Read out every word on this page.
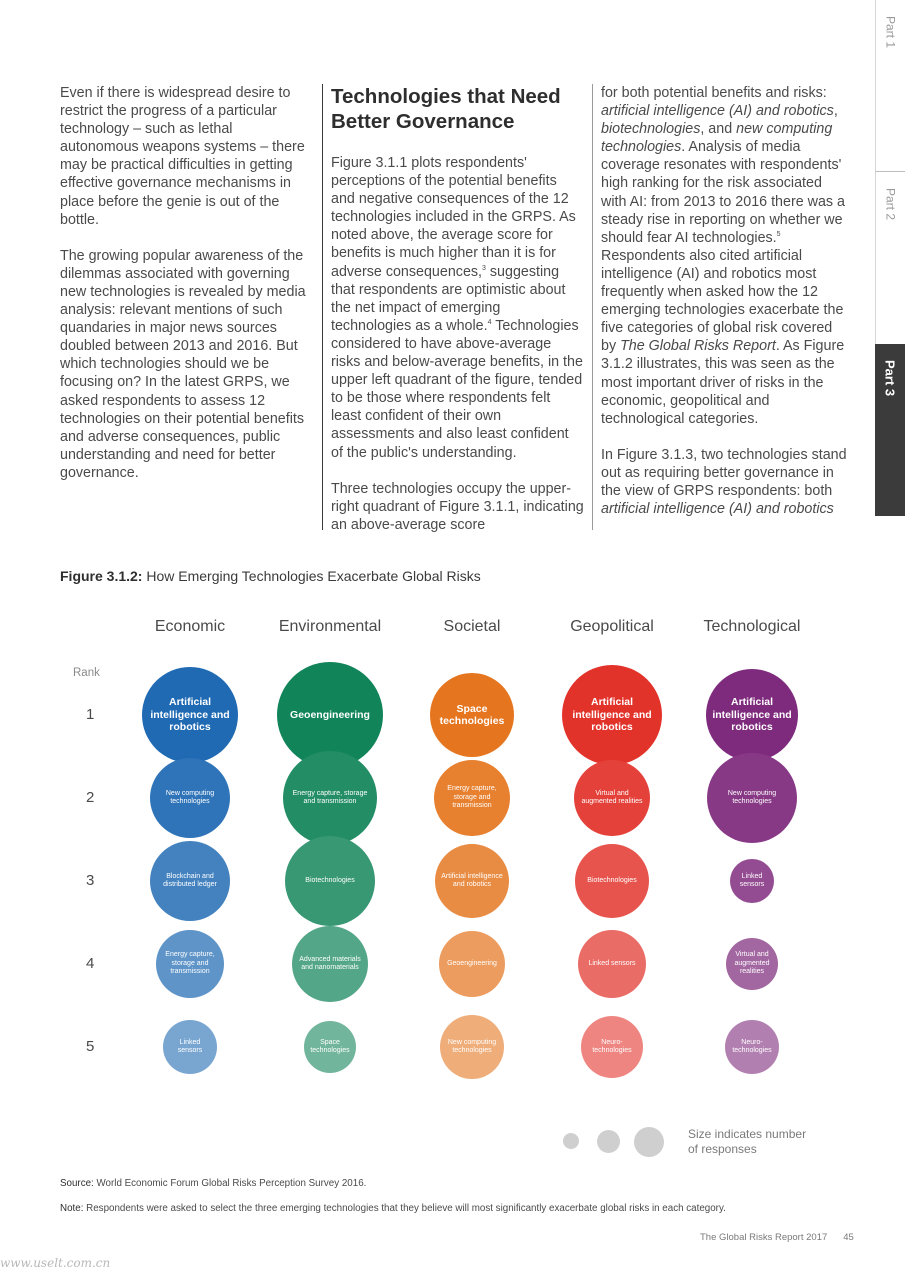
Part 1
Part 2
Part 3

Even if there is widespread desire to restrict the progress of a particular technology – such as lethal autonomous weapons systems – there may be practical difficulties in getting effective governance mechanisms in place before the genie is out of the bottle.

The growing popular awareness of the dilemmas associated with governing new technologies is revealed by media analysis: relevant mentions of such quandaries in major news sources doubled between 2013 and 2016. But which technologies should we be focusing on? In the latest GRPS, we asked respondents to assess 12 technologies on their potential benefits and adverse consequences, public understanding and need for better governance.

Technologies that Need Better Governance

Figure 3.1.1 plots respondents' perceptions of the potential benefits and negative consequences of the 12 technologies included in the GRPS. As noted above, the average score for benefits is much higher than it is for adverse consequences,$^3$ suggesting that respondents are optimistic about the net impact of emerging technologies as a whole.$^4$ Technologies considered to have above-average risks and below-average benefits, in the upper left quadrant of the figure, tended to be those where respondents felt least confident of their own assessments and also least confident of the public's understanding.

Three technologies occupy the upper-right quadrant of Figure 3.1.1, indicating an above-average score

for both potential benefits and risks: artificial intelligence (AI) and robotics, biotechnologies, and new computing technologies. Analysis of media coverage resonates with respondents' high ranking for the risk associated with AI: from 2013 to 2016 there was a steady rise in reporting on whether we should fear AI technologies.$^5$ Respondents also cited artificial intelligence (AI) and robotics most frequently when asked how the 12 emerging technologies exacerbate the five categories of global risk covered by The Global Risks Report. As Figure 3.1.2 illustrates, this was seen as the most important driver of risks in the economic, geopolitical and technological categories.

In Figure 3.1.3, two technologies stand out as requiring better governance in the view of GRPS respondents: both artificial intelligence (AI) and robotics

Figure 3.1.2: How Emerging Technologies Exacerbate Global Risks
Rank
1
2
3
4
5
Economic
Artificial intelligence and robotics
New computing technologies
Blockchain and distributed ledger
Energy capture, storage and transmission
Linked sensors
Environmental
Geoengineering
Energy capture, storage and transmission
Biotechnologies
Advanced materials and nanomaterials
Space technologies
Societal
Space technologies
Energy capture, storage and transmission
Artificial intelligence and robotics
Geoengineering
New computing technologies
Geopolitical
Artificial intelligence and robotics
Virtual and augmented realities
Biotechnologies
Linked sensors
Neuro-technologies
Technological
Artificial intelligence and robotics
New computing technologies
Linked sensors
Virtual and augmented realities
Neuro-technologies
Size indicates number of responses
Source: World Economic Forum Global Risks Perception Survey 2016.
Note: Respondents were asked to select the three emerging technologies that they believe will most significantly exacerbate global risks in each category.
The Global Risks Report 2017 45
www.uselt.com.cn
